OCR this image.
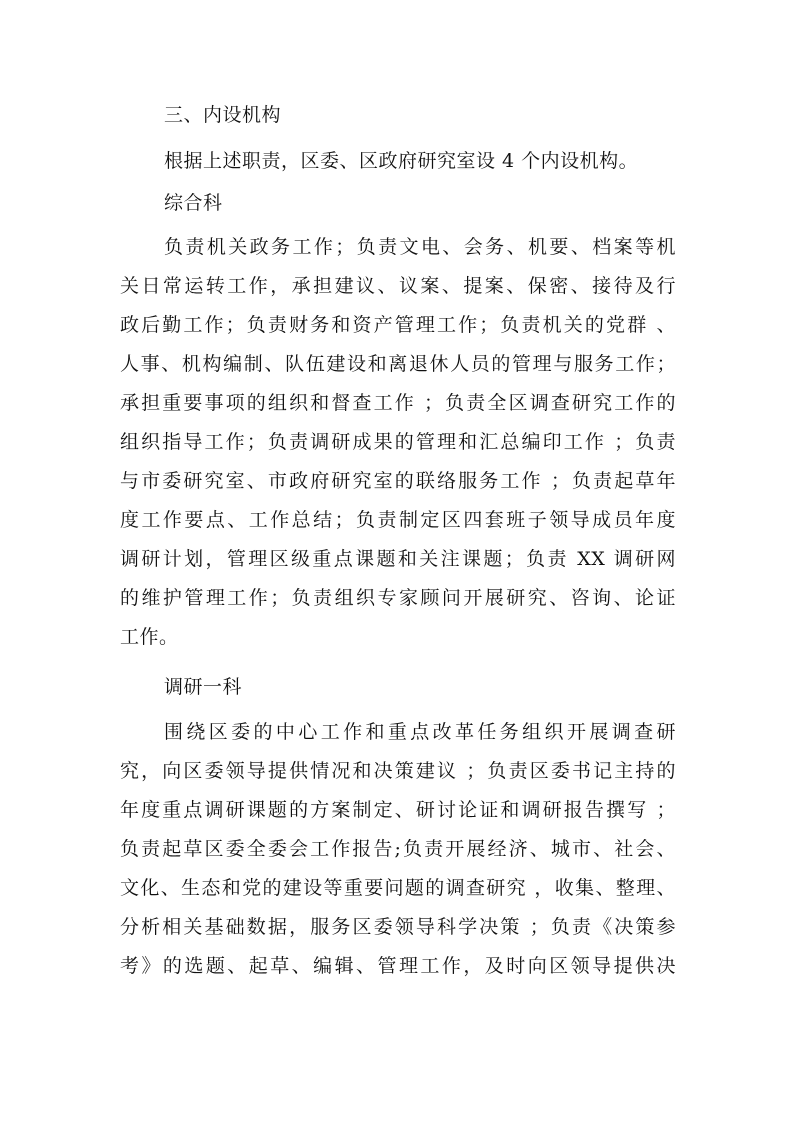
三、内设机构
根据上述职责，区委、区政府研究室设 4 个内设机构。
综合科
负责机关政务工作；负责文电、会务、机要、档案等机
关日常运转工作，承担建议、议案、提案、保密、接待及行
政后勤工作；负责财务和资产管理工作；负责机关的党群 、
人事、机构编制、队伍建设和离退休人员的管理与服务工作；
承担重要事项的组织和督查工作 ；负责全区调查研究工作的
组织指导工作；负责调研成果的管理和汇总编印工作 ；负责
与市委研究室、市政府研究室的联络服务工作 ；负责起草年
度工作要点、工作总结；负责制定区四套班子领导成员年度
调研计划，管理区级重点课题和关注课题；负责 XX 调研网
的维护管理工作；负责组织专家顾问开展研究、咨询、论证
工作。
调研一科
围绕区委的中心工作和重点改革任务组织开展调查研
究，向区委领导提供情况和决策建议 ；负责区委书记主持的
年度重点调研课题的方案制定、研讨论证和调研报告撰写 ；
负责起草区委全委会工作报告;负责开展经济、城市、社会、
文化、生态和党的建设等重要问题的调查研究 ，收集、整理、
分析相关基础数据，服务区委领导科学决策 ；负责《决策参
考》的选题、起草、编辑、管理工作，及时向区领导提供决
